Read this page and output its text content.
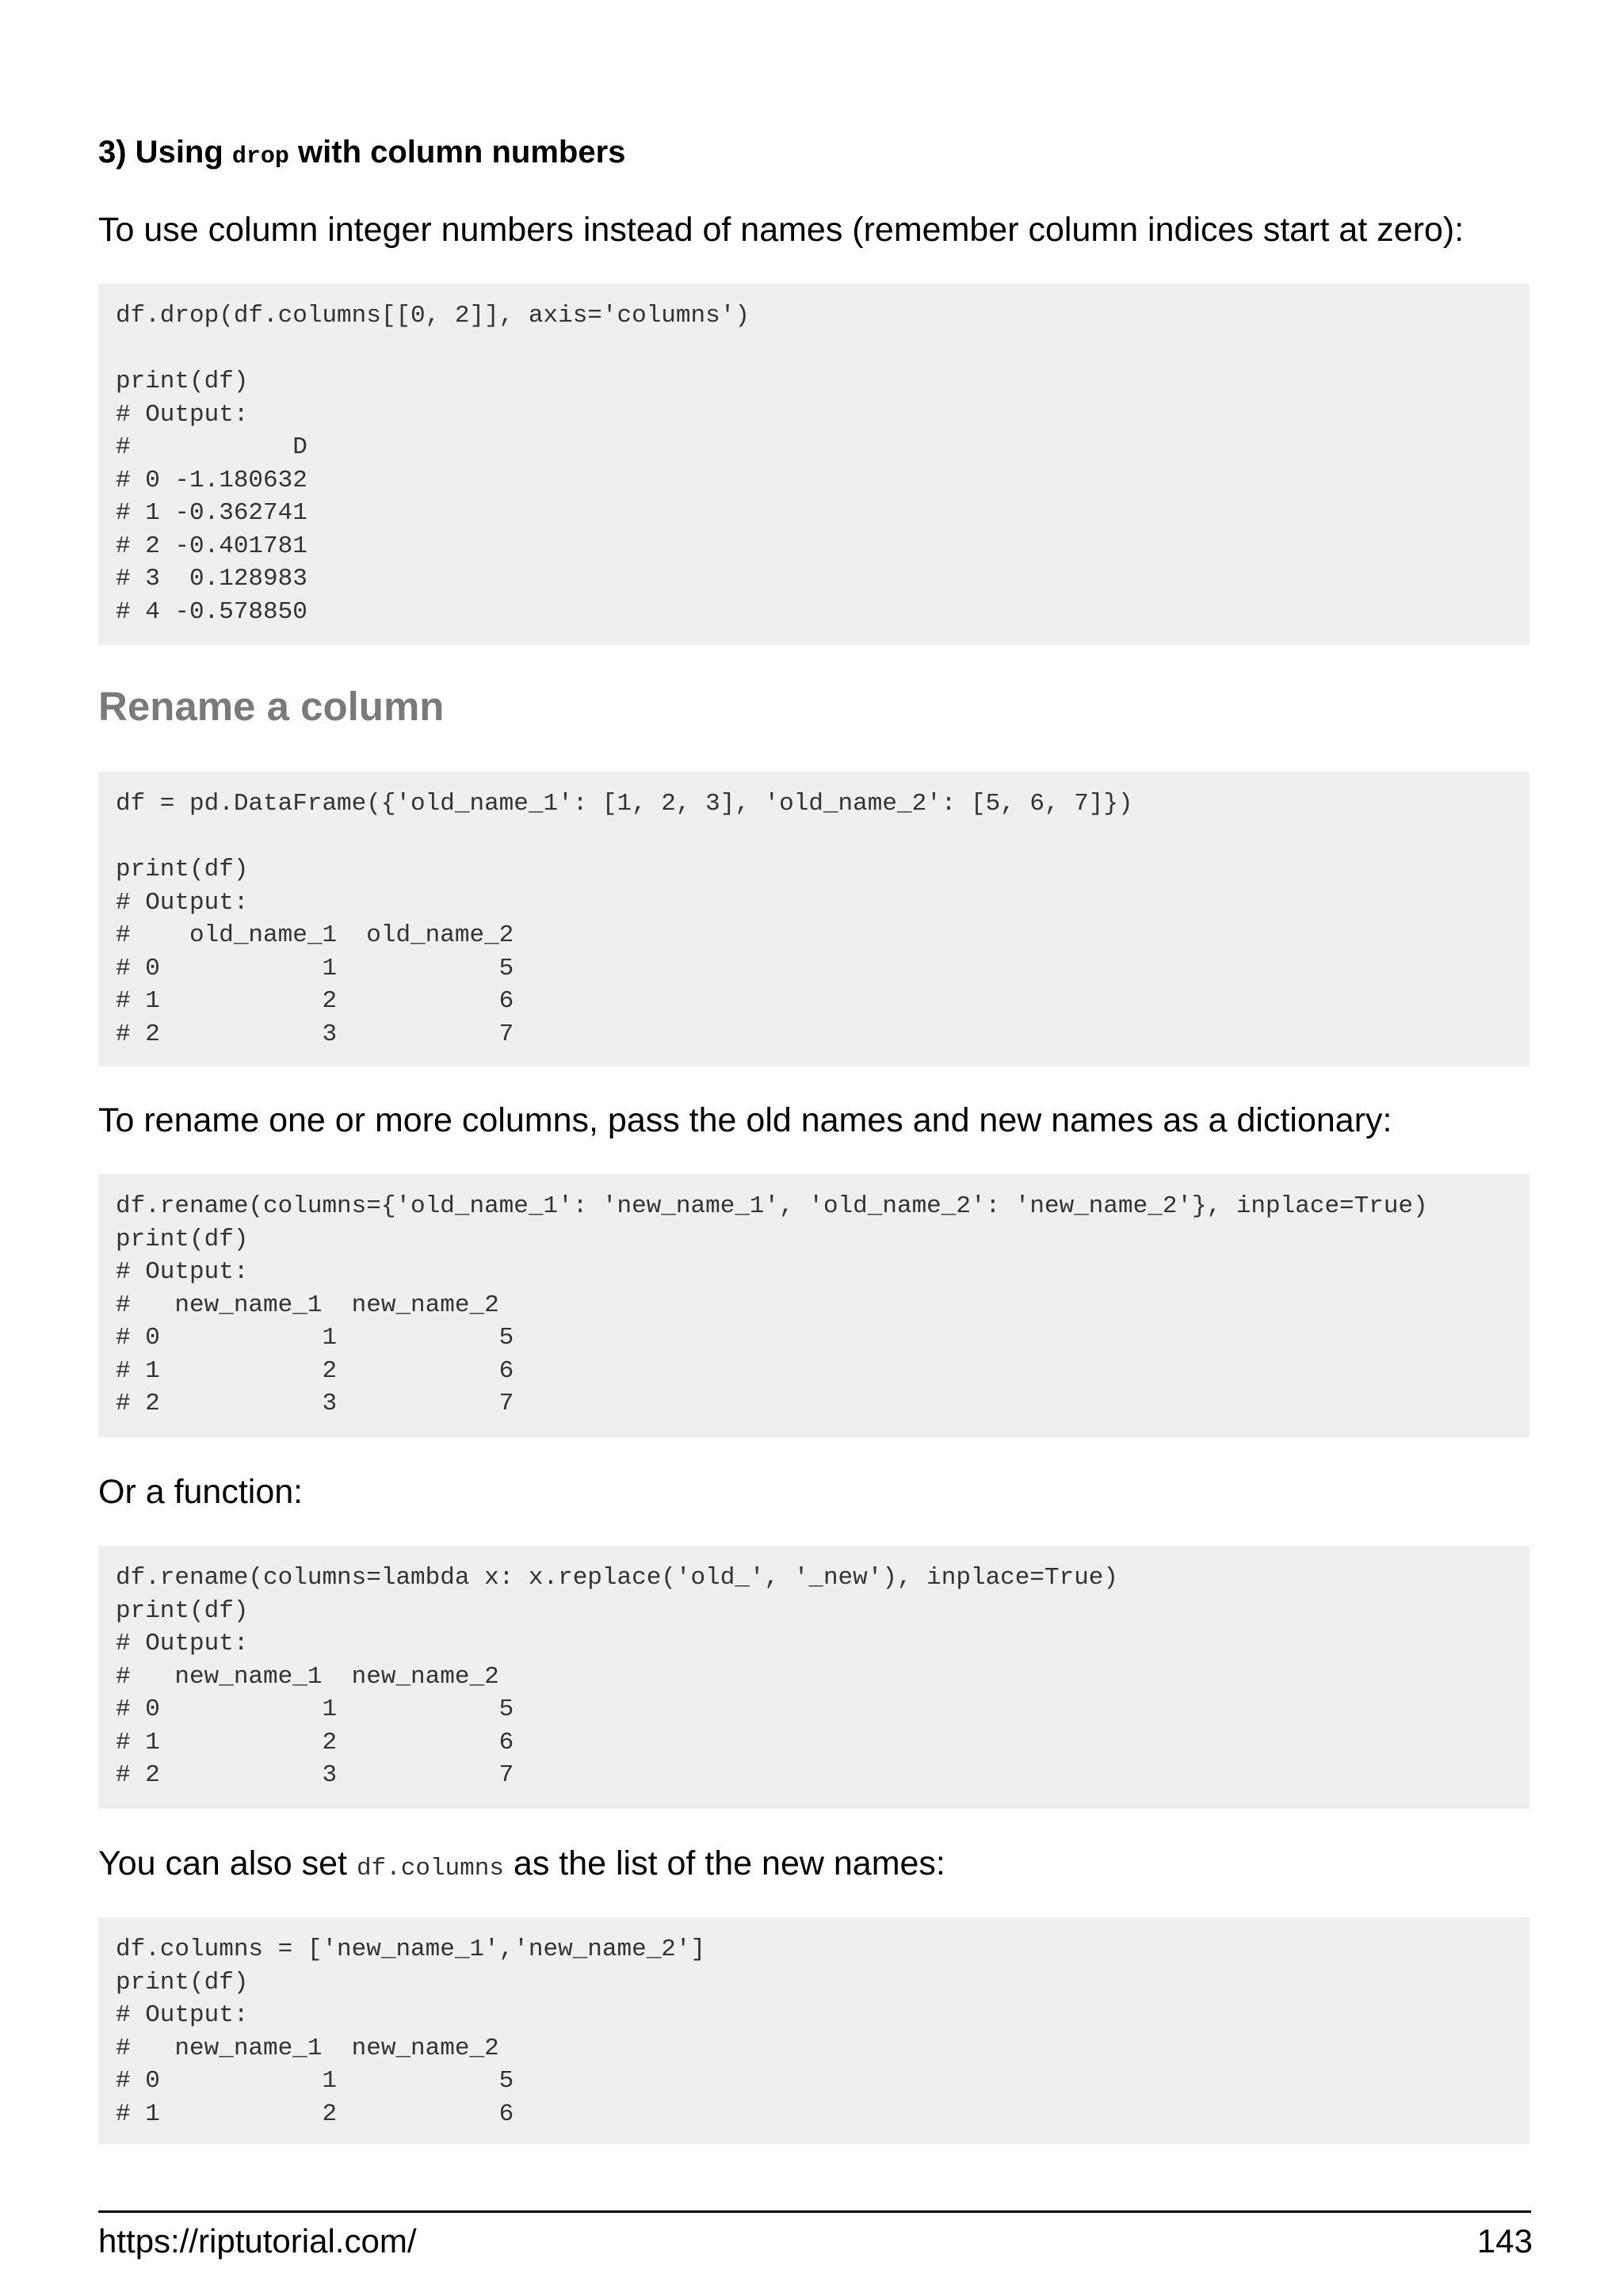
3) Using drop with column numbers
To use column integer numbers instead of names (remember column indices start at zero):
df.drop(df.columns[[0, 2]], axis='columns')

print(df)
# Output:
#           D
# 0 -1.180632
# 1 -0.362741
# 2 -0.401781
# 3  0.128983
# 4 -0.578850
Rename a column
df = pd.DataFrame({'old_name_1': [1, 2, 3], 'old_name_2': [5, 6, 7]})

print(df)
# Output:
#    old_name_1  old_name_2
# 0           1           5
# 1           2           6
# 2           3           7
To rename one or more columns, pass the old names and new names as a dictionary:
df.rename(columns={'old_name_1': 'new_name_1', 'old_name_2': 'new_name_2'}, inplace=True)
print(df)
# Output:
#   new_name_1  new_name_2
# 0           1           5
# 1           2           6
# 2           3           7
Or a function:
df.rename(columns=lambda x: x.replace('old_', '_new'), inplace=True)
print(df)
# Output:
#   new_name_1  new_name_2
# 0           1           5
# 1           2           6
# 2           3           7
You can also set df.columns as the list of the new names:
df.columns = ['new_name_1','new_name_2']
print(df)
# Output:
#   new_name_1  new_name_2
# 0           1           5
# 1           2           6
https://riptutorial.com/	143
